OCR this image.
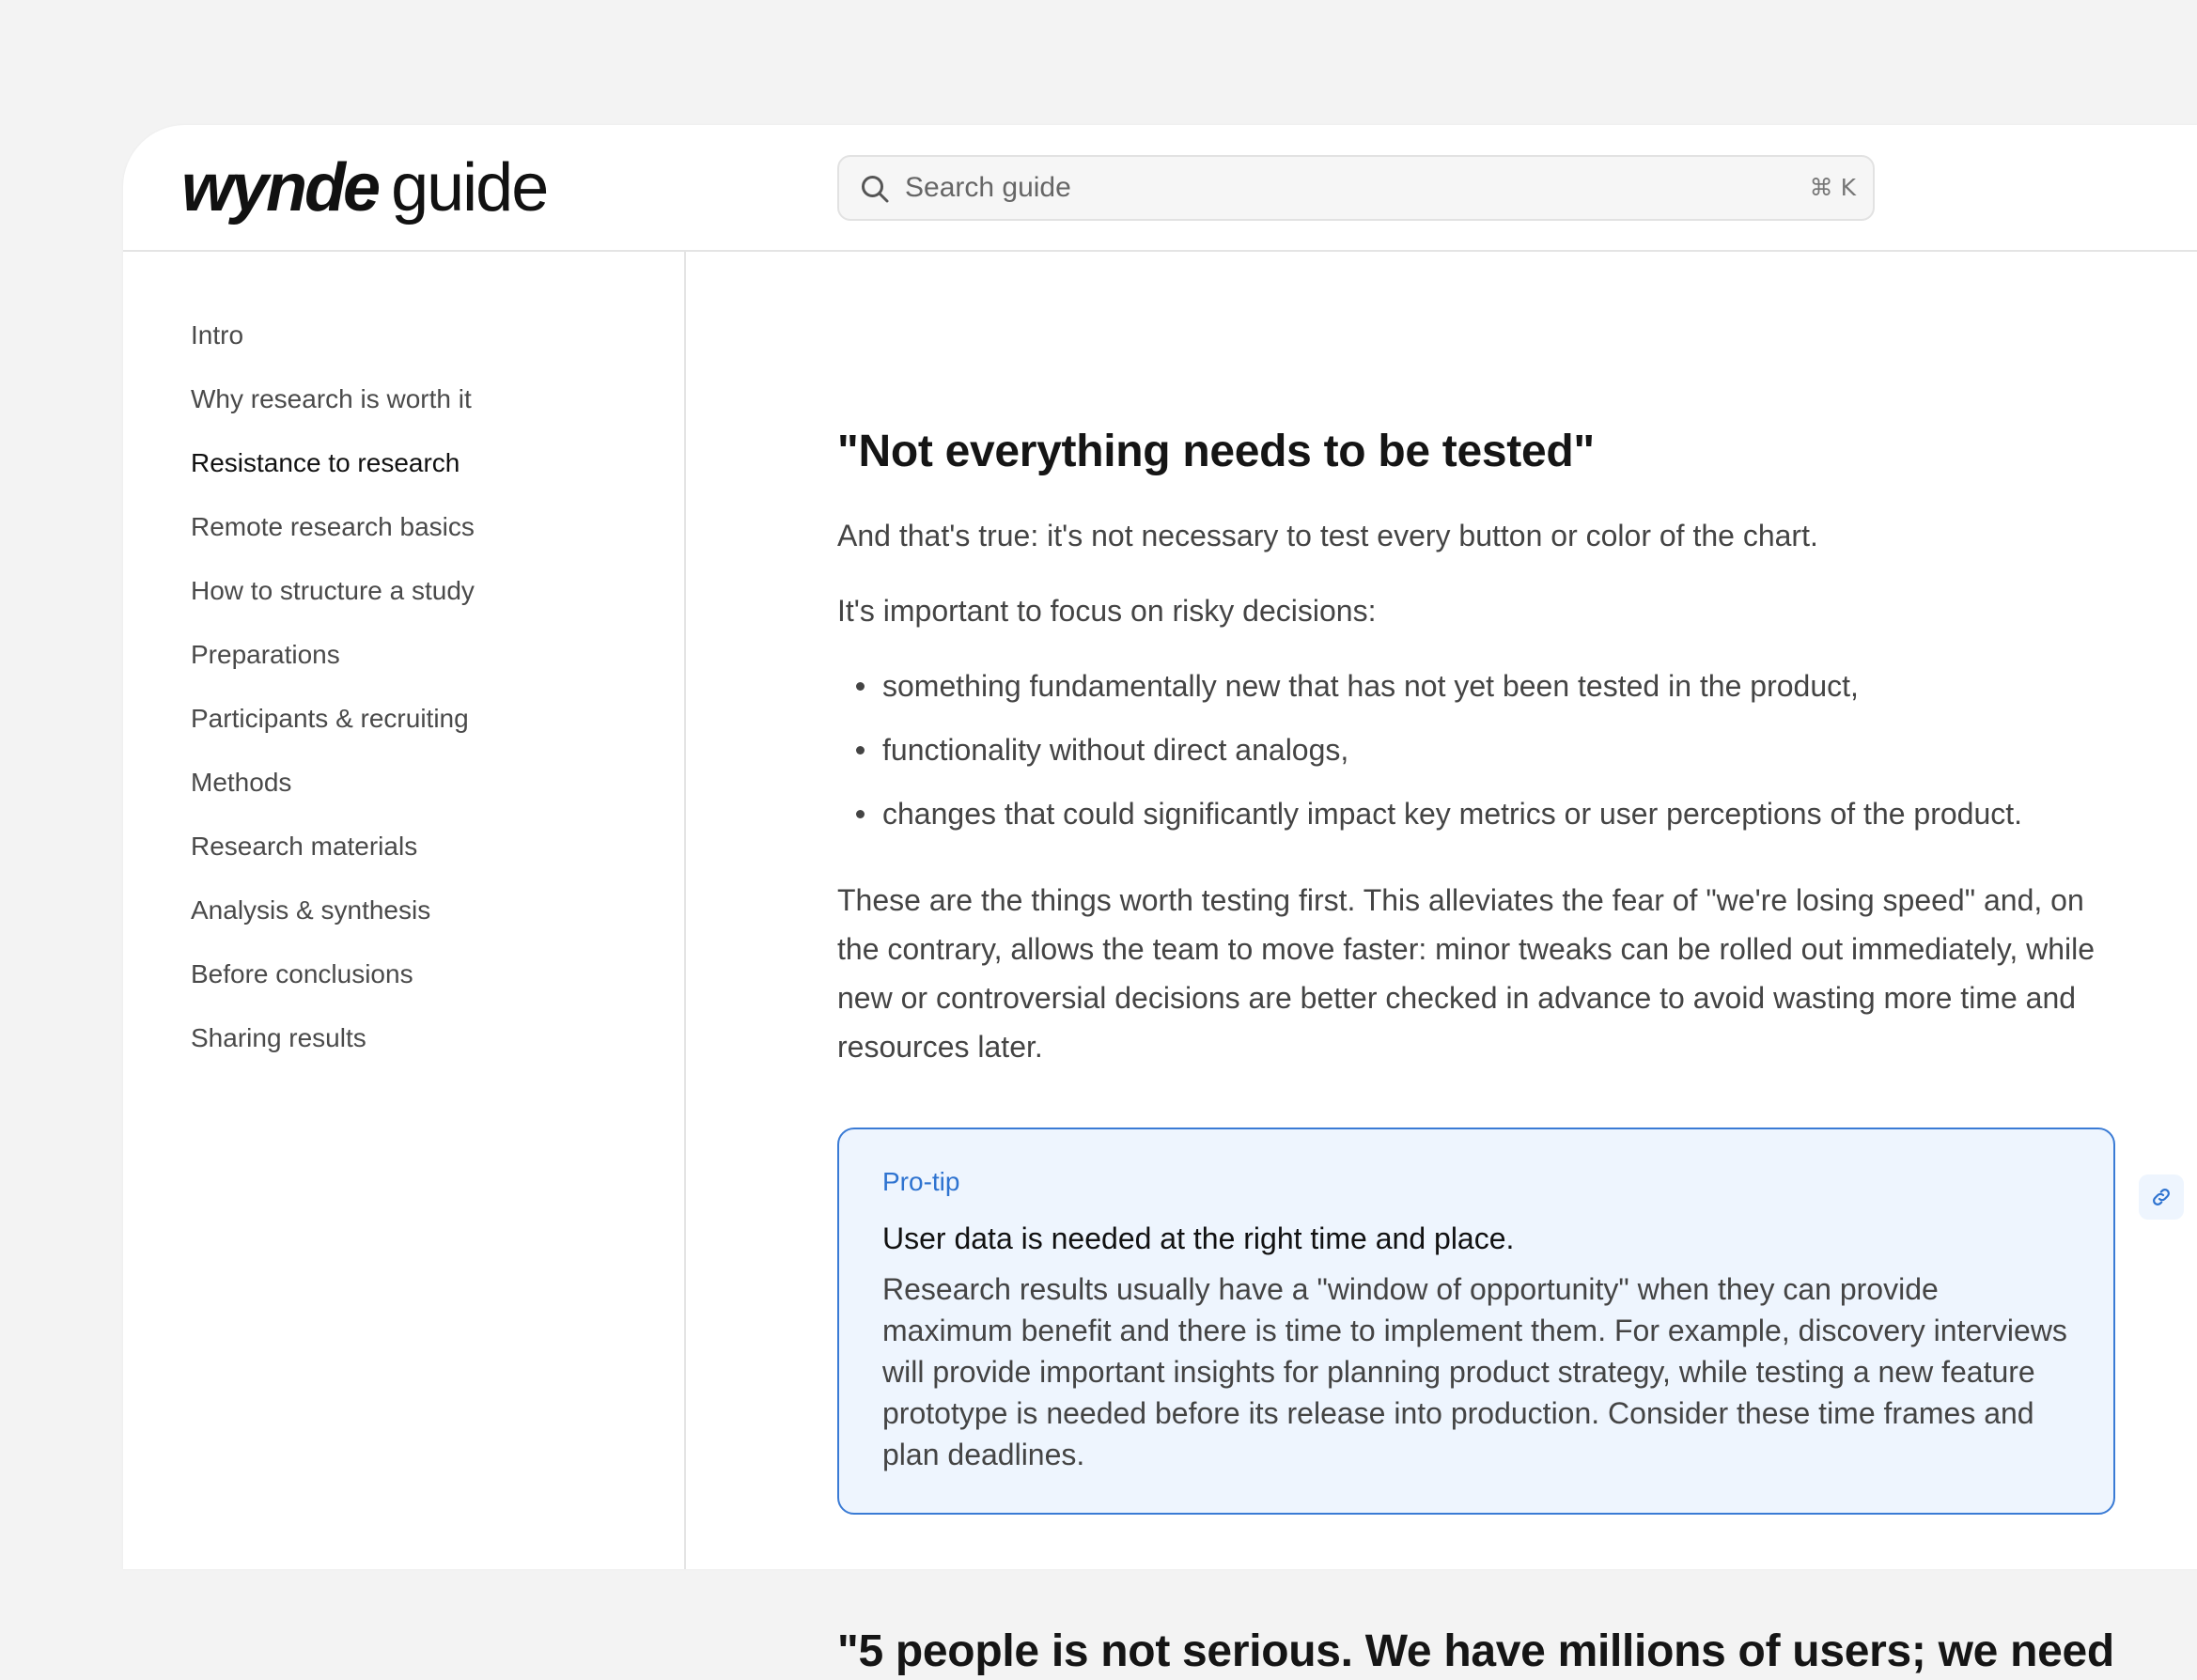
wynde guide
Search guide	⌘ K
Intro
Why research is worth it
Resistance to research
Remote research basics
How to structure a study
Preparations
Participants & recruiting
Methods
Research materials
Analysis & synthesis
Before conclusions
Sharing results
"Not everything needs to be tested"

And that's true: it's not necessary to test every button or color of the chart.

It's important to focus on risky decisions:

something fundamentally new that has not yet been tested in the product,
functionality without direct analogs,
changes that could significantly impact key metrics or user perceptions of the product.

These are the things worth testing first. This alleviates the fear of "we're losing speed" and, on the contrary, allows the team to move faster: minor tweaks can be rolled out immediately, while new or controversial decisions are better checked in advance to avoid wasting more time and resources later.

Pro-tip
User data is needed at the right time and place.
Research results usually have a "window of opportunity" when they can provide maximum benefit and there is time to implement them. For example, discovery interviews will provide important insights for planning product strategy, while testing a new feature prototype is needed before its release into production. Consider these time frames and plan deadlines.
"5 people is not serious. We have millions of users; we need
